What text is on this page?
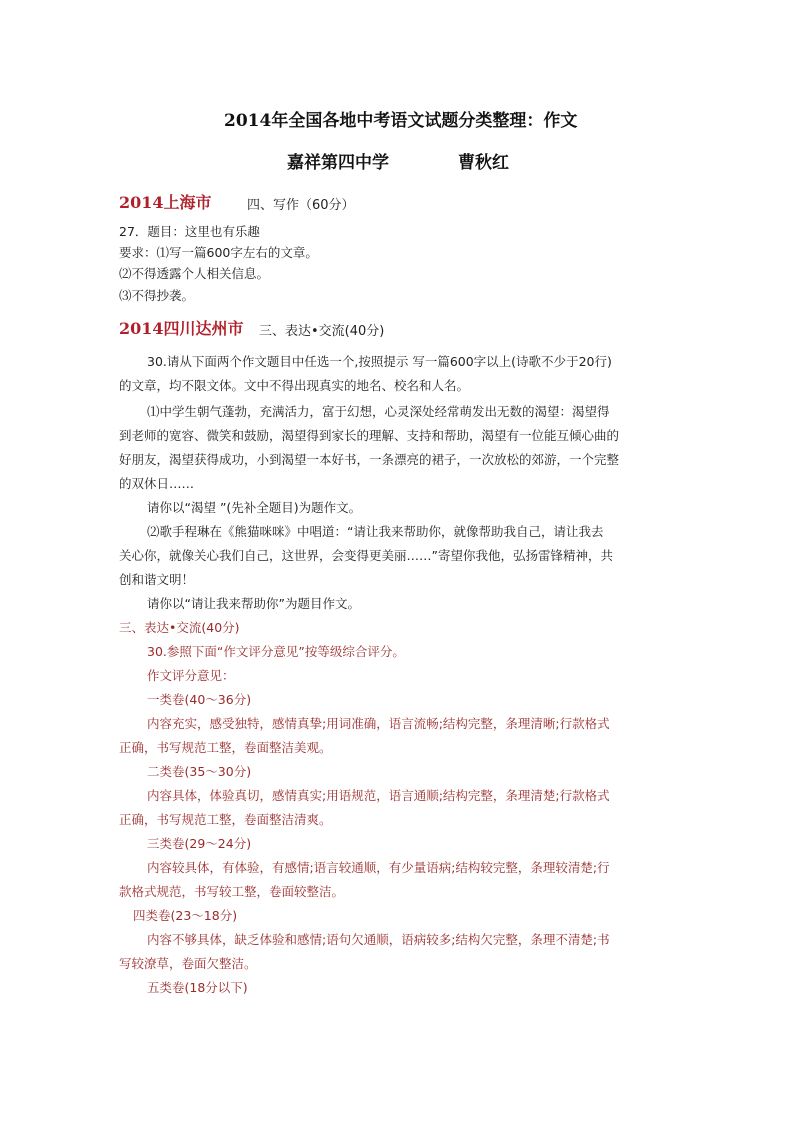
2014年全国各地中考语文试题分类整理：作文
嘉祥第四中学	曹秋红
2014上海市	四、写作（60分）
27．题目：这里也有乐趣
要求：⑴写一篇600字左右的文章。
⑵不得透露个人相关信息。
⑶不得抄袭。
2014四川达州市 三、表达•交流(40分)
30.请从下面两个作文题目中任选一个,按照提示 写一篇600字以上(诗歌不少于20行)
的文章，均不限文体。文中不得出现真实的地名、校名和人名。
⑴中学生朝气蓬勃，充满活力，富于幻想，心灵深处经常萌发出无数的渴望：渴望得
到老师的宽容、微笑和鼓励，渴望得到家长的理解、支持和帮助，渴望有一位能互倾心曲的
好朋友，渴望获得成功，小到渴望一本好书，一条漂亮的裙子，一次放松的郊游，一个完整
的双休日……
请你以“渴望 ”(先补全题目)为题作文。
⑵歌手程琳在《熊猫咪咪》中唱道：“请让我来帮助你，就像帮助我自己，请让我去
关心你，就像关心我们自己，这世界，会变得更美丽……”寄望你我他，弘扬雷锋精神，共
创和谐文明！
请你以“请让我来帮助你”为题目作文。
三、表达•交流(40分)
30.参照下面“作文评分意见”按等级综合评分。
作文评分意见：
一类卷(40～36分)
内容充实，感受独特，感情真挚;用词准确，语言流畅;结构完整，条理清晰;行款格式
正确，书写规范工整，卷面整洁美观。
二类卷(35～30分)
内容具体，体验真切，感情真实;用语规范，语言通顺;结构完整，条理清楚;行款格式
正确，书写规范工整，卷面整洁清爽。
三类卷(29～24分)
内容较具体，有体验，有感情;语言较通顺，有少量语病;结构较完整，条理较清楚;行
款格式规范，书写较工整，卷面较整洁。
四类卷(23～18分)
内容不够具体，缺乏体验和感情;语句欠通顺，语病较多;结构欠完整，条理不清楚;书
写较潦草，卷面欠整洁。
五类卷(18分以下)
